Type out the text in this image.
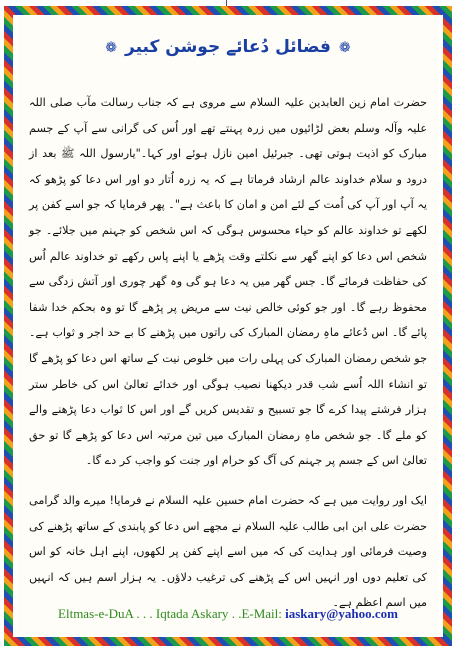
❁ فضائل دُعائے جوشن کبیر ❁

حضرت امام زین العابدین علیہ السلام سے مروی ہے کہ جناب رسالت مآب صلی اللہ علیہ وآلہ وسلم بعض لڑائیوں میں زرہ پہنتے تھے اور اُس کی گرانی سے آپ کے جسم مبارک کو اذیت ہوتی تھی۔ جبرئیل امین نازل ہوئے اور کہا۔"یارسول اللہ ﷺ بعد از درود و سلام خداوند عالم ارشاد فرماتا ہے کہ یہ زرہ اُتار دو اور اس دعا کو پڑھو کہ یہ آپ اور آپ کی اُمت کے لئے امن و امان کا باعث ہے"۔ پھر فرمایا کہ جو اسے کفن پر لکھے تو خداوند عالم کو حیاء محسوس ہوگی کہ اس شخص کو جہنم میں جلائے۔ جو شخص اس دعا کو اپنے گھر سے نکلتے وقت پڑھے یا اپنے پاس رکھے تو خداوند عالم اُس کی حفاظت فرمائے گا۔ جس گھر میں یہ دعا ہو گی وہ گھر چوری اور آتش زدگی سے محفوظ رہے گا۔ اور جو کوئی خالص نیت سے مریض پر پڑھے گا تو وہ بحکم خدا شفا پائے گا۔ اس دُعائے ماہِ رمضان المبارک کی راتوں میں پڑھنے کا بے حد اجر و ثواب ہے۔ جو شخص رمضان المبارک کی پہلی رات میں خلوص نیت کے ساتھ اس دعا کو پڑھے گا تو انشاء اللہ اُسے شب قدر دیکھنا نصیب ہوگی اور خدائے تعالیٰ اس کی خاطر ستر ہزار فرشتے پیدا کرے گا جو تسبیح و تقدیس کریں گے اور اس کا ثواب دعا پڑھنے والے کو ملے گا۔ جو شخص ماہِ رمضان المبارک میں تین مرتبہ اس دعا کو پڑھے گا تو حق تعالیٰ اس کے جسم پر جہنم کی آگ کو حرام اور جنت کو واجب کر دے گا۔

ایک اور روایت میں ہے کہ حضرت امام حسین علیہ السلام نے فرمایا! میرے والد گرامی حضرت علی ابن ابی طالب علیہ السلام نے مجھے اس دعا کو پابندی کے ساتھ پڑھنے کی وصیت فرمائی اور ہدایت کی کہ میں اسے اپنے کفن پر لکھوں، اپنے اہل خانہ کو اس کی تعلیم دوں اور انہیں اس کے پڑھنے کی ترغیب دلاؤں۔ یہ ہزار اسم ہیں کہ انہیں میں اسم اعظم ہے۔

Eltmas-e-DuA . . . Iqtada Askary . .E-Mail: iaskary@yahoo.com
